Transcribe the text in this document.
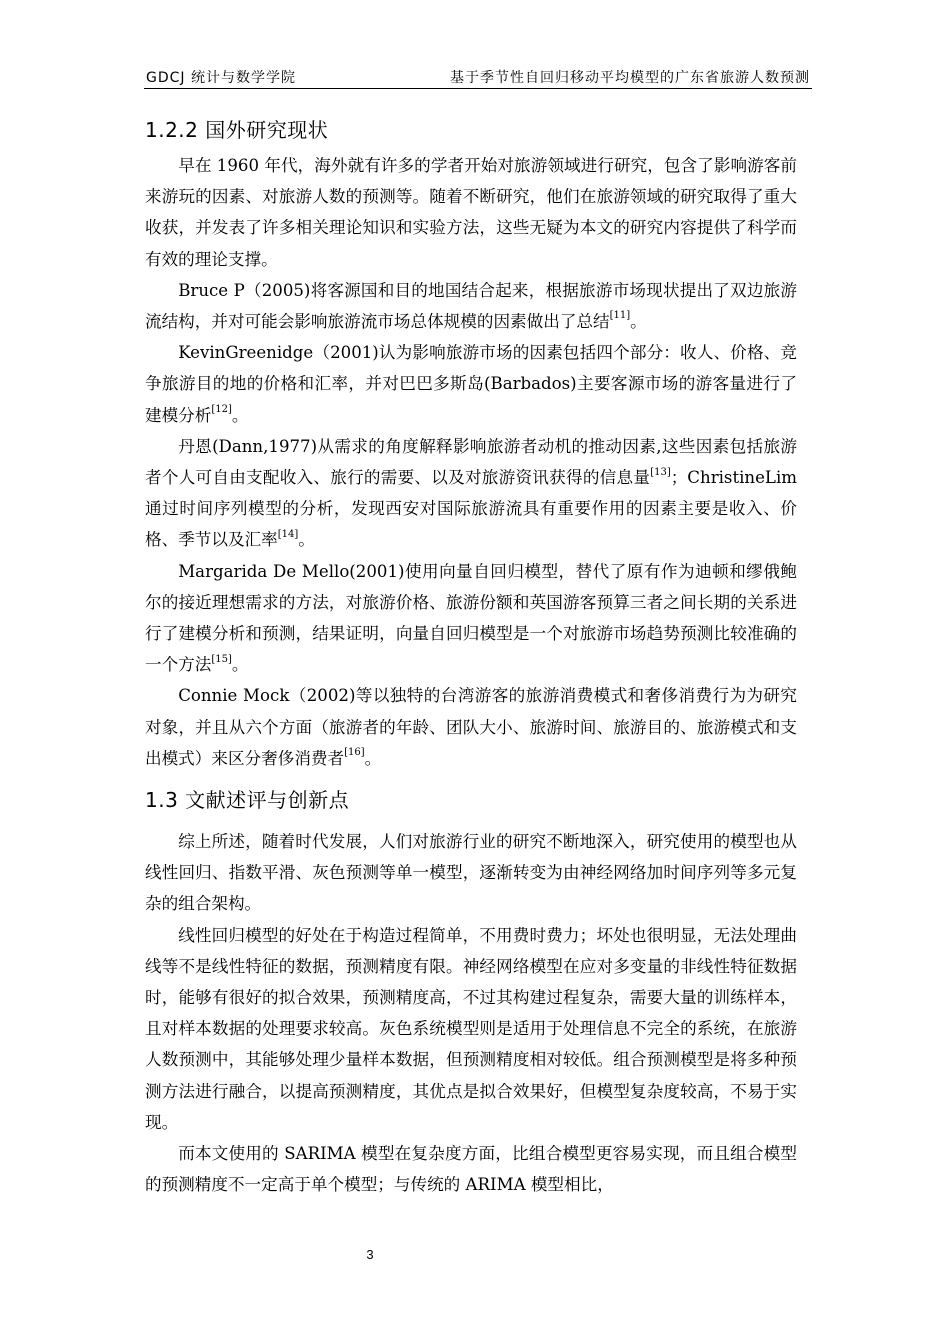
GDCJ 统计与数学学院	基于季节性自回归移动平均模型的广东省旅游人数预测
1.2.2 国外研究现状

早在 1960 年代，海外就有许多的学者开始对旅游领域进行研究，包含了影响游客前来游玩的因素、对旅游人数的预测等。随着不断研究，他们在旅游领域的研究取得了重大收获，并发表了许多相关理论知识和实验方法，这些无疑为本文的研究内容提供了科学而有效的理论支撑。

Bruce P（2005)将客源国和目的地国结合起来，根据旅游市场现状提出了双边旅游流结构，并对可能会影响旅游流市场总体规模的因素做出了总结[11]。

KevinGreenidge（2001)认为影响旅游市场的因素包括四个部分：收人、价格、竞争旅游目的地的价格和汇率，并对巴巴多斯岛(Barbados)主要客源市场的游客量进行了建模分析[12]。

丹恩(Dann,1977)从需求的角度解释影响旅游者动机的推动因素,这些因素包括旅游者个人可自由支配收入、旅行的需要、以及对旅游资讯获得的信息量[13]；ChristineLim 通过时间序列模型的分析，发现西安对国际旅游流具有重要作用的因素主要是收入、价格、季节以及汇率[14]。

Margarida De Mello(2001)使用向量自回归模型，替代了原有作为迪顿和缪俄鲍尔的接近理想需求的方法，对旅游价格、旅游份额和英国游客预算三者之间长期的关系进行了建模分析和预测，结果证明，向量自回归模型是一个对旅游市场趋势预测比较准确的一个方法[15]。

Connie Mock（2002)等以独特的台湾游客的旅游消费模式和奢侈消费行为为研究对象，并且从六个方面（旅游者的年龄、团队大小、旅游时间、旅游目的、旅游模式和支出模式）来区分奢侈消费者[16]。

1.3 文献述评与创新点

综上所述，随着时代发展，人们对旅游行业的研究不断地深入，研究使用的模型也从线性回归、指数平滑、灰色预测等单一模型，逐渐转变为由神经网络加时间序列等多元复杂的组合架构。

线性回归模型的好处在于构造过程简单，不用费时费力；坏处也很明显，无法处理曲线等不是线性特征的数据，预测精度有限。神经网络模型在应对多变量的非线性特征数据时，能够有很好的拟合效果，预测精度高，不过其构建过程复杂，需要大量的训练样本，且对样本数据的处理要求较高。灰色系统模型则是适用于处理信息不完全的系统，在旅游人数预测中，其能够处理少量样本数据，但预测精度相对较低。组合预测模型是将多种预测方法进行融合，以提高预测精度，其优点是拟合效果好，但模型复杂度较高，不易于实现。

而本文使用的 SARIMA 模型在复杂度方面，比组合模型更容易实现，而且组合模型的预测精度不一定高于单个模型；与传统的 ARIMA 模型相比，

3
